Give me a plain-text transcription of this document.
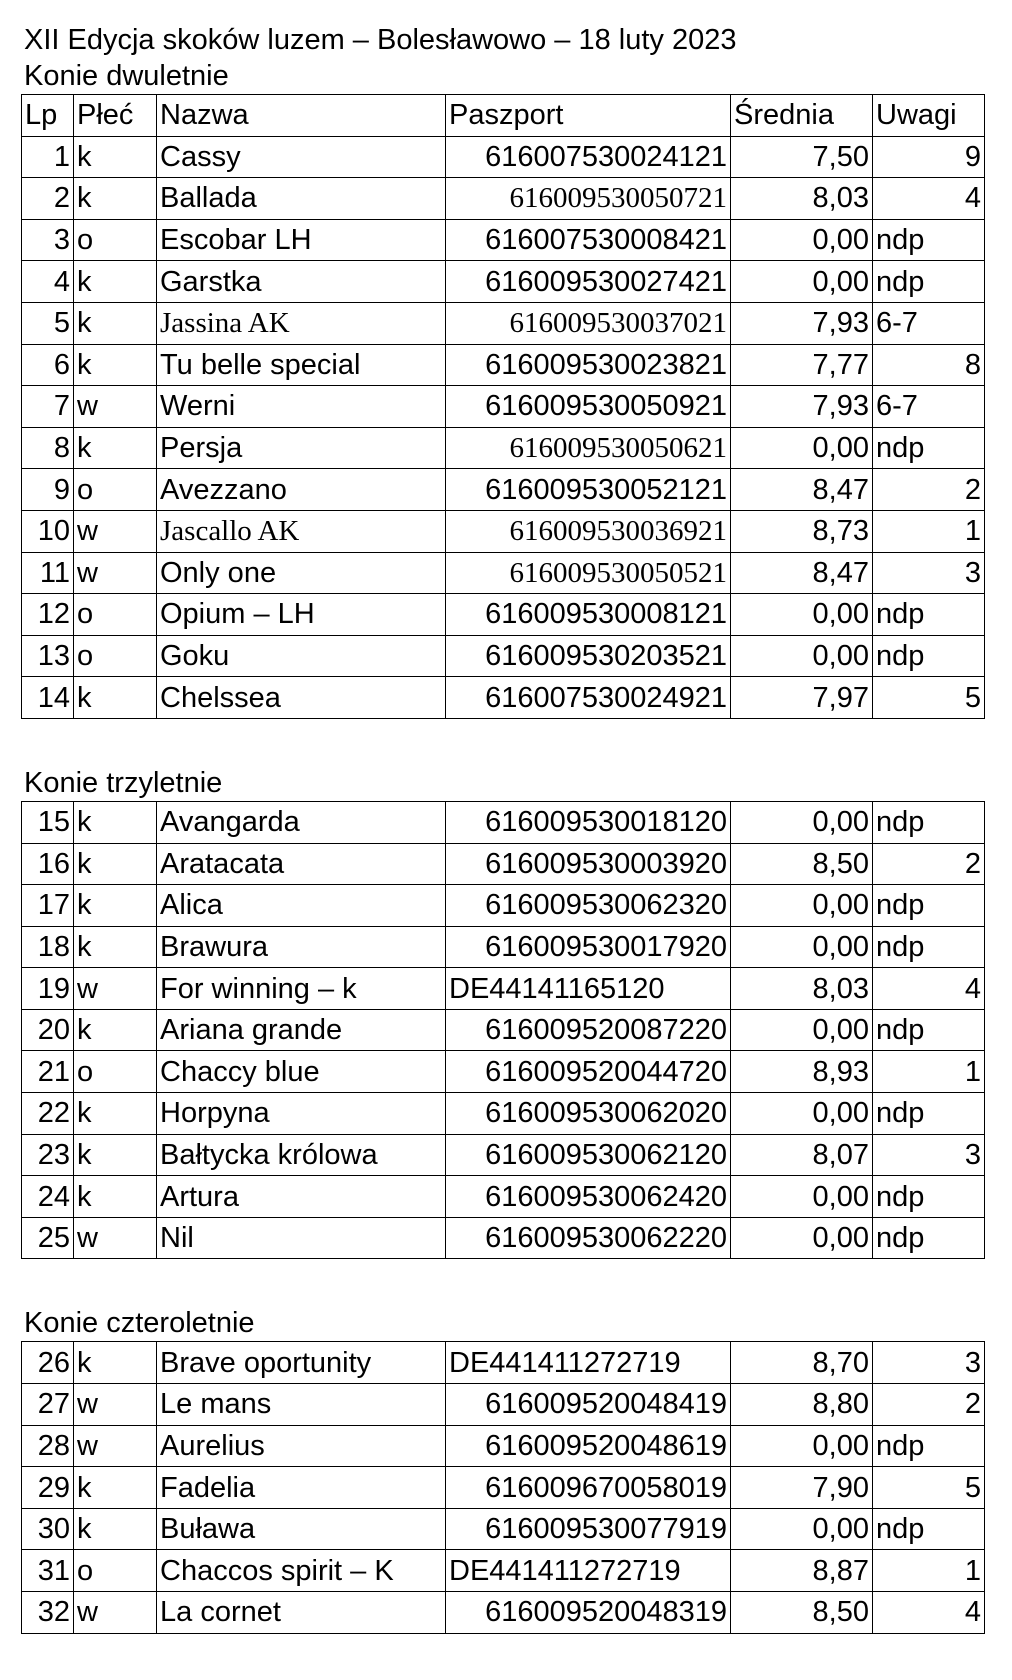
XII Edycja skoków luzem – Bolesławowo – 18 luty 2023
Konie dwuletnie
Lp	Płeć	Nazwa	Paszport	Średnia	Uwagi
1	k	Cassy	616007530024121	7,50	9
2	k	Ballada	616009530050721	8,03	4
3	o	Escobar LH	616007530008421	0,00	ndp
4	k	Garstka	616009530027421	0,00	ndp
5	k	Jassina AK	616009530037021	7,93	6-7
6	k	Tu belle special	616009530023821	7,77	8
7	w	Werni	616009530050921	7,93	6-7
8	k	Persja	616009530050621	0,00	ndp
9	o	Avezzano	616009530052121	8,47	2
10	w	Jascallo AK	616009530036921	8,73	1
11	w	Only one	616009530050521	8,47	3
12	o	Opium – LH	616009530008121	0,00	ndp
13	o	Goku	616009530203521	0,00	ndp
14	k	Chelssea	616007530024921	7,97	5
Konie trzyletnie
15	k	Avangarda	616009530018120	0,00	ndp
16	k	Aratacata	616009530003920	8,50	2
17	k	Alica	616009530062320	0,00	ndp
18	k	Brawura	616009530017920	0,00	ndp
19	w	For winning – k	DE44141165120	8,03	4
20	k	Ariana grande	616009520087220	0,00	ndp
21	o	Chaccy blue	616009520044720	8,93	1
22	k	Horpyna	616009530062020	0,00	ndp
23	k	Bałtycka królowa	616009530062120	8,07	3
24	k	Artura	616009530062420	0,00	ndp
25	w	Nil	616009530062220	0,00	ndp
Konie czteroletnie
26	k	Brave oportunity	DE441411272719	8,70	3
27	w	Le mans	616009520048419	8,80	2
28	w	Aurelius	616009520048619	0,00	ndp
29	k	Fadelia	616009670058019	7,90	5
30	k	Buława	616009530077919	0,00	ndp
31	o	Chaccos spirit – K	DE441411272719	8,87	1
32	w	La cornet	616009520048319	8,50	4
